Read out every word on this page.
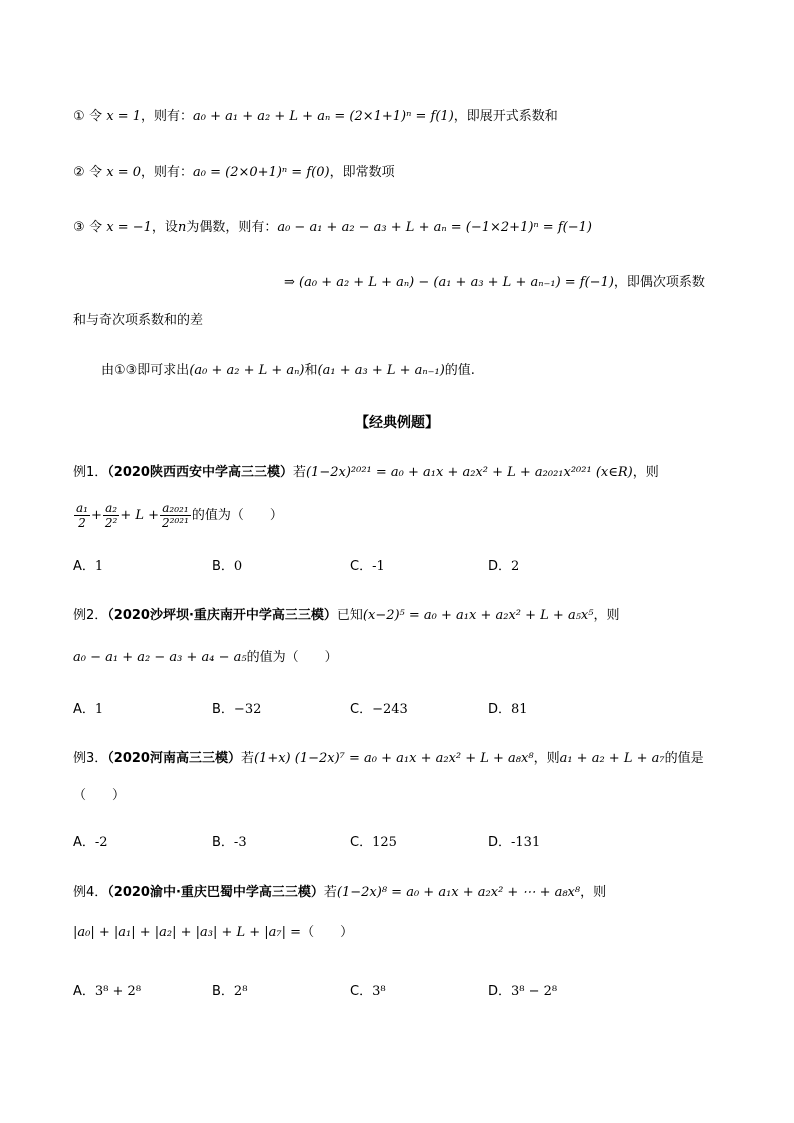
① 令 x = 1，则有：a₀ + a₁ + a₂ + L + aₙ = (2×1+1)ⁿ = f(1)，即展开式系数和
② 令 x = 0，则有：a₀ = (2×0+1)ⁿ = f(0)，即常数项
③ 令 x = −1，设n为偶数，则有：a₀ − a₁ + a₂ − a₃ + L + aₙ = (−1×2+1)ⁿ = f(−1)
⇒ (a₀ + a₂ + L + aₙ) − (a₁ + a₃ + L + aₙ₋₁) = f(−1)，即偶次项系数
和与奇次项系数和的差
由①③即可求出(a₀ + a₂ + L + aₙ)和(a₁ + a₃ + L + aₙ₋₁)的值.
【经典例题】
例1．（2020陕西西安中学高三三模）若(1−2x)²⁰²¹ = a₀ + a₁x + a₂x² + L + a₂₀₂₁x²⁰²¹ (x∈R)，则
$\frac{\text{a₁}}{2} + \frac{\text{a₂}}{\text{2²}} + L + \frac{\text{a₂₀₂₁}}{\text{2²⁰²¹}}$ 的值为（　　）
A．1	B．0	C．-1	D．2
例2．（2020沙坪坝·重庆南开中学高三三模）已知(x−2)⁵ = a₀ + a₁x + a₂x² + L + a₅x⁵，则
a₀ − a₁ + a₂ − a₃ + a₄ − a₅的值为（　　）
A．1	B．−32	C．−243	D．81
例3．（2020河南高三三模）若(1+x) (1−2x)⁷ = a₀ + a₁x + a₂x² + L + a₈x⁸，则a₁ + a₂ + L + a₇的值是
（　　）
A．-2	B．-3	C．125	D．-131
例4．（2020渝中·重庆巴蜀中学高三三模）若(1−2x)⁸ = a₀ + a₁x + a₂x² + ⋯ + a₈x⁸，则
|a₀| + |a₁| + |a₂| + |a₃| + L + |a₇| =（　　）
A．3⁸ + 2⁸	B．2⁸	C．3⁸	D．3⁸ − 2⁸
